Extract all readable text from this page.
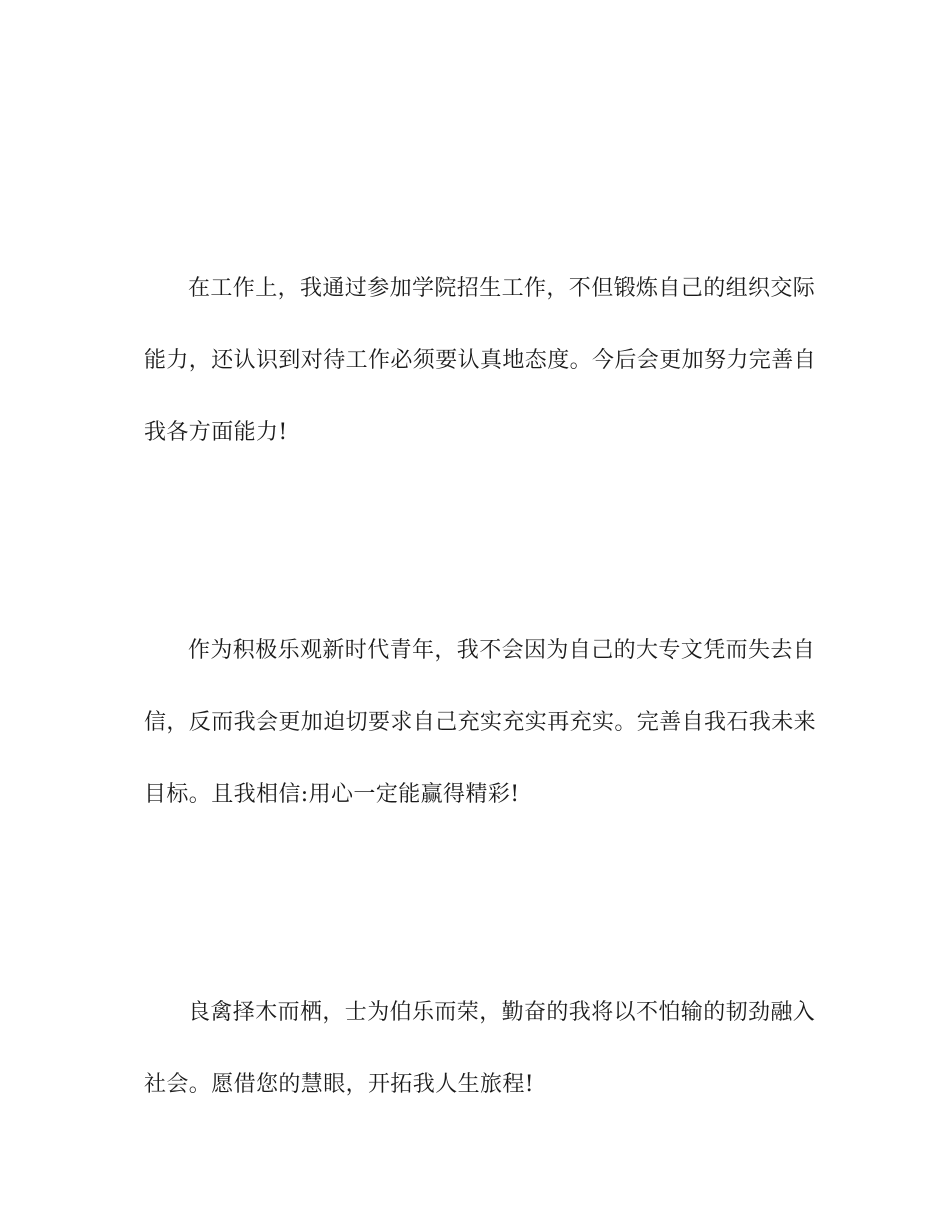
在工作上，我通过参加学院招生工作，不但锻炼自己的组织交际
能力，还认识到对待工作必须要认真地态度。今后会更加努力完善自
我各方面能力!
作为积极乐观新时代青年，我不会因为自己的大专文凭而失去自
信，反而我会更加迫切要求自己充实充实再充实。完善自我石我未来
目标。且我相信:用心一定能赢得精彩!
良禽择木而栖，士为伯乐而荣，勤奋的我将以不怕输的韧劲融入
社会。愿借您的慧眼，开拓我人生旅程!
